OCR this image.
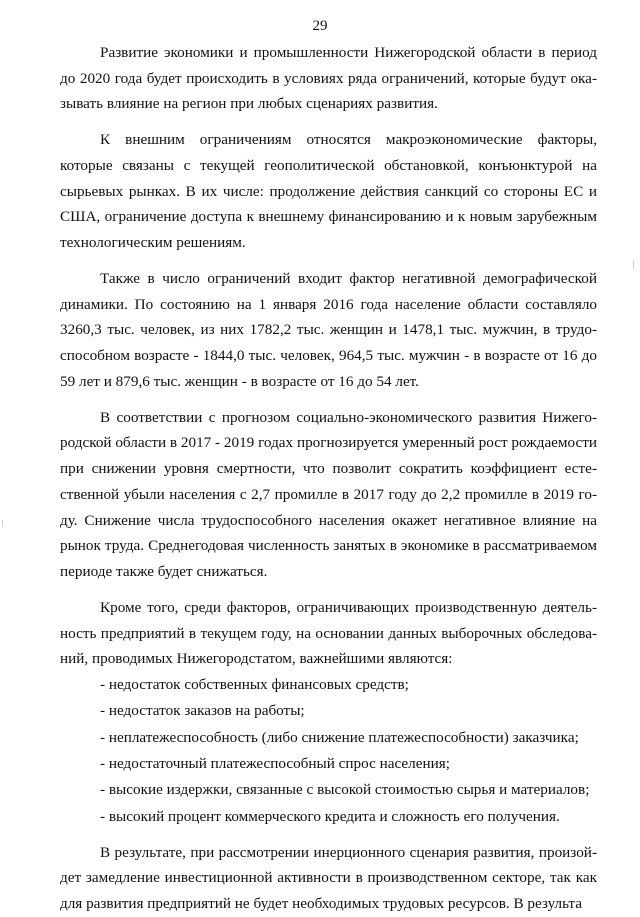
29

Развитие экономики и промышленности Нижегородской области в период до 2020 года будет происходить в условиях ряда ограничений, которые будут оказывать влияние на регион при любых сценариях развития.

К внешним ограничениям относятся макроэкономические факторы, которые связаны с текущей геополитической обстановкой, конъюнктурой на сырьевых рынках. В их числе: продолжение действия санкций со стороны ЕС и США, ограничение доступа к внешнему финансированию и к новым зарубежным технологическим решениям.

Также в число ограничений входит фактор негативной демографической динамики. По состоянию на 1 января 2016 года население области составляло 3260,3 тыс. человек, из них 1782,2 тыс. женщин и 1478,1 тыс. мужчин, в трудоспособном возрасте - 1844,0 тыс. человек, 964,5 тыс. мужчин - в возрасте от 16 до 59 лет и 879,6 тыс. женщин - в возрасте от 16 до 54 лет.

В соответствии с прогнозом социально-экономического развития Нижегородской области в 2017 - 2019 годах прогнозируется умеренный рост рождаемости при снижении уровня смертности, что позволит сократить коэффициент естественной убыли населения с 2,7 промилле в 2017 году до 2,2 промилле в 2019 году. Снижение числа трудоспособного населения окажет негативное влияние на рынок труда. Среднегодовая численность занятых в экономике в рассматриваемом периоде также будет снижаться.

Кроме того, среди факторов, ограничивающих производственную деятельность предприятий в текущем году, на основании данных выборочных обследований, проводимых Нижегородстатом, важнейшими являются:

- недостаток собственных финансовых средств;
- недостаток заказов на работы;
- неплатежеспособность (либо снижение платежеспособности) заказчика;
- недостаточный платежеспособный спрос населения;
- высокие издержки, связанные с высокой стоимостью сырья и материалов;
- высокий процент коммерческого кредита и сложность его получения.

В результате, при рассмотрении инерционного сценария развития, произойдет замедление инвестиционной активности в производственном секторе, так как для развития предприятий не будет необходимых трудовых ресурсов. В результа
